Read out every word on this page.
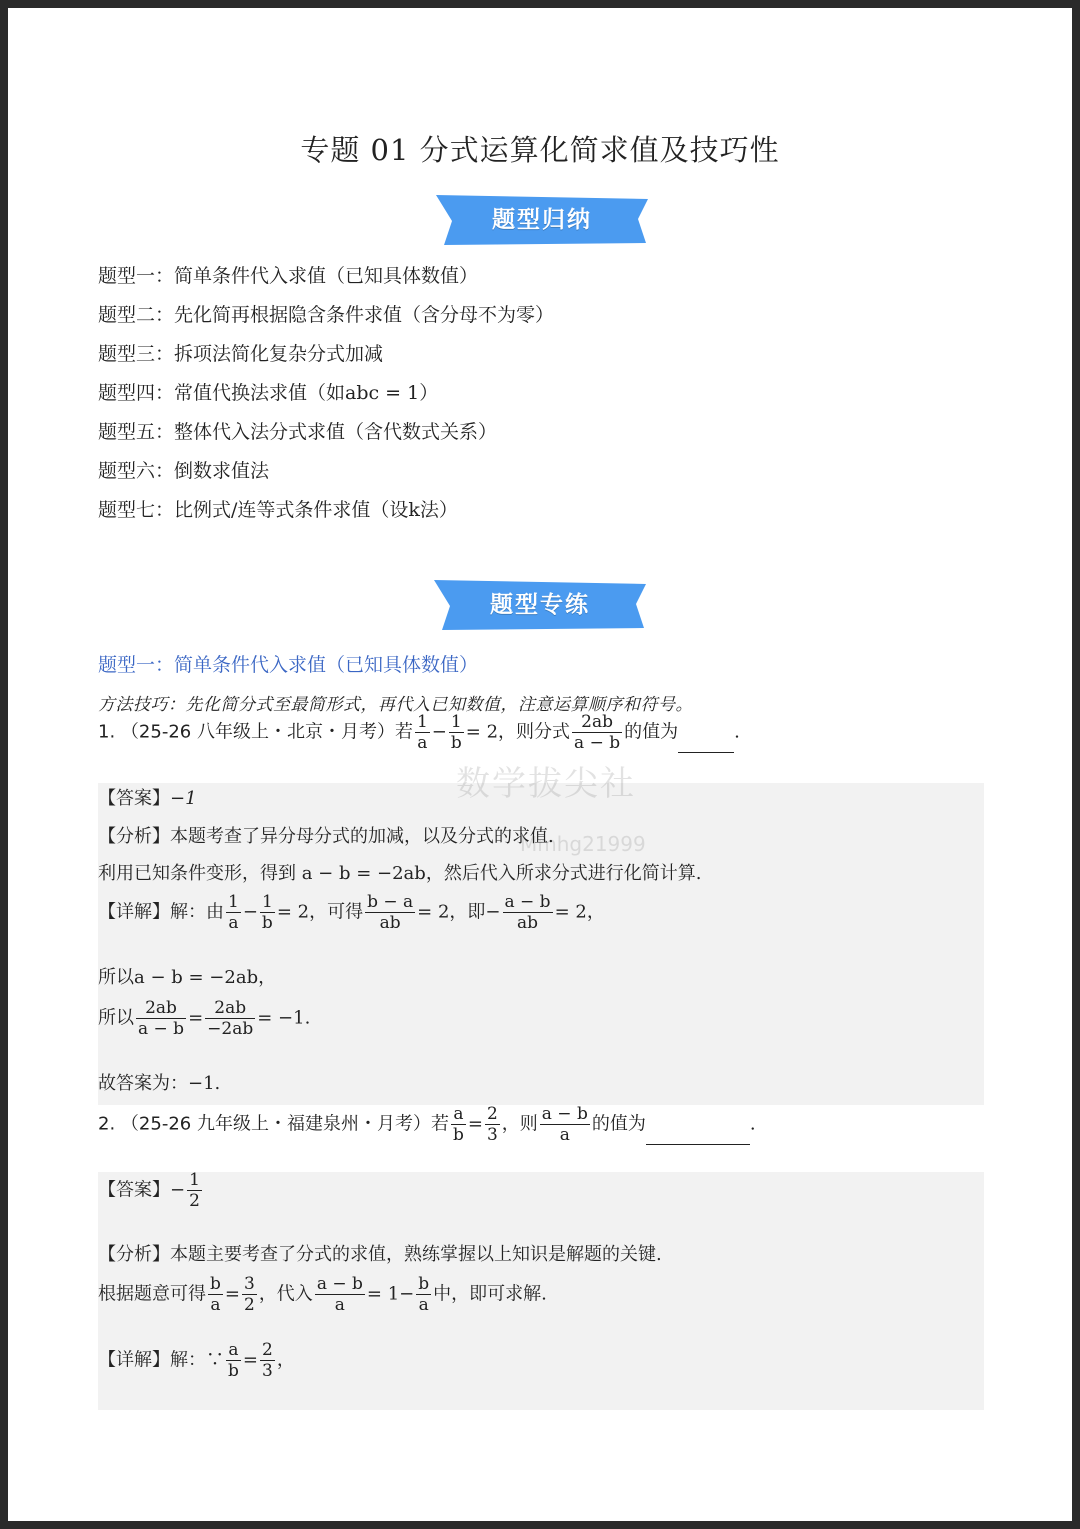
专题 01 分式运算化简求值及技巧性
题型归纳
题型一：简单条件代入求值（已知具体数值）
题型二：先化简再根据隐含条件求值（含分母不为零）
题型三：拆项法简化复杂分式加减
题型四：常值代换法求值（如abc = 1）
题型五：整体代入法分式求值（含代数式关系）
题型六：倒数求值法
题型七：比例式/连等式条件求值（设k法）
题型专练
题型一：简单条件代入求值（已知具体数值）
方法技巧：先化简分式至最简形式，再代入已知数值，注意运算顺序和符号。
1. （25-26 八年级上・北京・月考）若 $\frac{1}{a} - \frac{1}{b} = 2$，则分式 $\frac{2ab}{a - b}$ 的值为	.
数学拔尖社
Mmhg21999
【答案】−1
【分析】本题考查了异分母分式的加减，以及分式的求值.
利用已知条件变形，得到 a − b = −2ab，然后代入所求分式进行化简计算.
【详解】解：由 $\frac{1}{a} - \frac{1}{b} = 2$，可得 $\frac{b - a}{ab} = 2$，即− $\frac{a - b}{ab} = 2$，
所以a − b = −2ab，
所以 $\frac{2ab}{a - b} = \frac{2ab}{-2ab} = -1$.
故答案为：−1.
2. （25-26 九年级上・福建泉州・月考）若 $\frac{a}{b} = \frac{2}{3}$ ，则 $\frac{a - b}{a}$ 的值为	.
【答案】− $\frac{1}{2}$
【分析】本题主要考查了分式的求值，熟练掌握以上知识是解题的关键.
根据题意可得 $\frac{b}{a} = \frac{3}{2}$ ，代入 $\frac{a - b}{a} = 1- \frac{b}{a}$ 中，即可求解.
【详解】解：∵ $\frac{a}{b} = \frac{2}{3}$ ，
